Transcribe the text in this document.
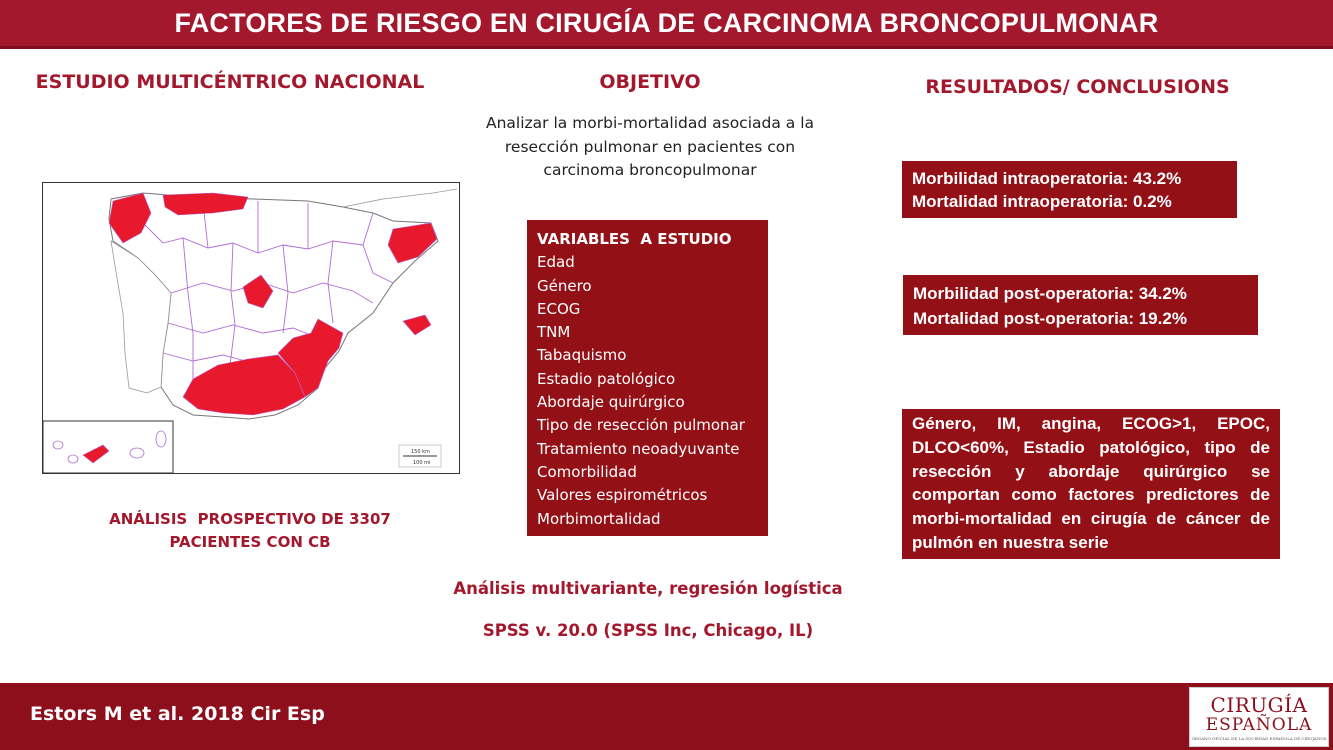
FACTORES DE RIESGO EN CIRUGÍA DE CARCINOMA BRONCOPULMONAR
ESTUDIO MULTICÉNTRICO NACIONAL
150 km
100 mi
ANÁLISIS  PROSPECTIVO DE 3307
PACIENTES CON CB
OBJETIVO
Analizar la morbi-mortalidad asociada a la
resección pulmonar en pacientes con
carcinoma broncopulmonar
VARIABLES  A ESTUDIO
Edad
Género
ECOG
TNM
Tabaquismo
Estadio patológico
Abordaje quirúrgico
Tipo de resección pulmonar
Tratamiento neoadyuvante
Comorbilidad
Valores espirométricos
Morbimortalidad
Análisis multivariante, regresión logística
SPSS v. 20.0 (SPSS Inc, Chicago, IL)
RESULTADOS/ CONCLUSIONS
Morbilidad intraoperatoria: 43.2%
Mortalidad intraoperatoria: 0.2%
Morbilidad post-operatoria: 34.2%
Mortalidad post-operatoria: 19.2%
Género, IM, angina, ECOG>1, EPOC, DLCO<60%, Estadio patológico, tipo de resección y abordaje quirúrgico se comportan como factores predictores de morbi-mortalidad en cirugía de cáncer de pulmón en nuestra serie
Estors M et al. 2018 Cir Esp	CIRUGÍA
ESPAÑOLA
ÓRGANO OFICIAL DE LA SOCIEDAD ESPAÑOLA DE CIRUJANOS
